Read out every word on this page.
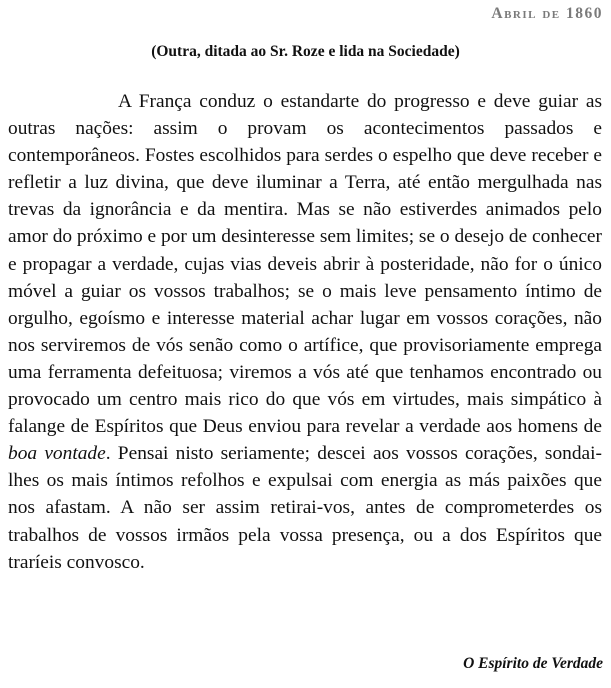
Abril de 1860
(Outra, ditada ao Sr. Roze e lida na Sociedade)

A França conduz o estandarte do progresso e deve guiar as outras nações: assim o provam os acontecimentos passados e contemporâneos. Fostes escolhidos para serdes o espelho que deve receber e refletir a luz divina, que deve iluminar a Terra, até então mergulhada nas trevas da ignorância e da mentira. Mas se não estiverdes animados pelo amor do próximo e por um desinteresse sem limites; se o desejo de conhecer e propagar a verdade, cujas vias deveis abrir à posteridade, não for o único móvel a guiar os vossos trabalhos; se o mais leve pensamento íntimo de orgulho, egoísmo e interesse material achar lugar em vossos corações, não nos serviremos de vós senão como o artífice, que provisoriamente emprega uma ferramenta defeituosa; viremos a vós até que tenhamos encontrado ou provocado um centro mais rico do que vós em virtudes, mais simpático à falange de Espíritos que Deus enviou para revelar a verdade aos homens de boa vontade. Pensai nisto seriamente; descei aos vossos corações, sondai-lhes os mais íntimos refolhos e expulsai com energia as más paixões que nos afastam. A não ser assim retirai-vos, antes de comprometerdes os trabalhos de vossos irmãos pela vossa presença, ou a dos Espíritos que traríeis convosco.

O Espírito de Verdade
